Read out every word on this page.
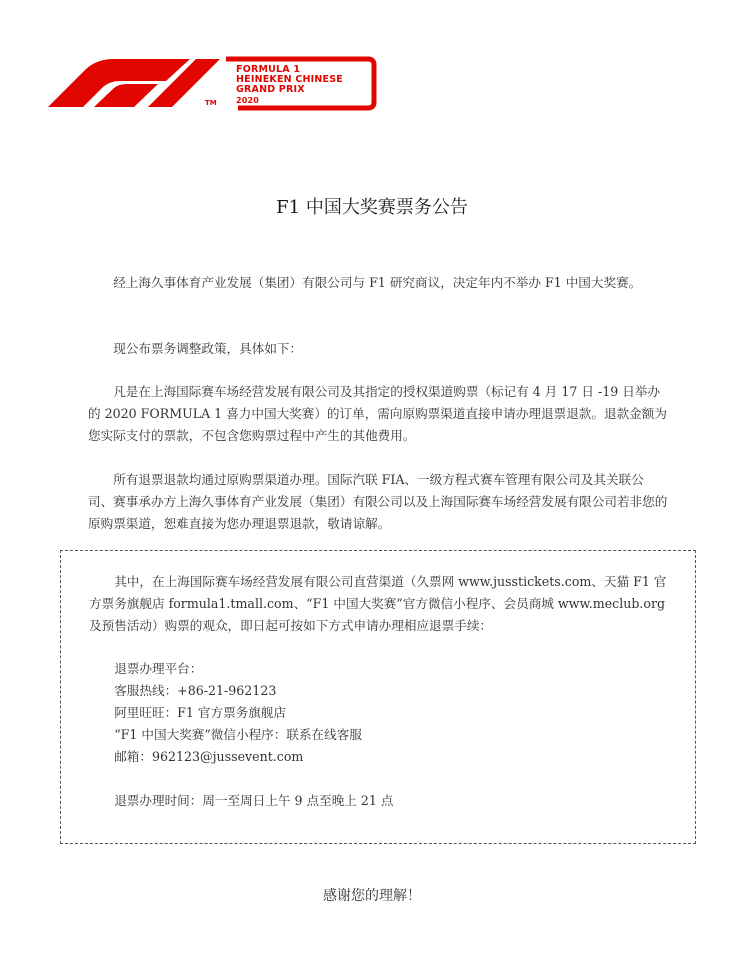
FORMULA 1
HEINEKEN CHINESE
GRAND PRIX
2020
TM
F1 中国大奖赛票务公告

经上海久事体育产业发展（集团）有限公司与 F1 研究商议，决定年内不举办 F1 中国大奖赛。

现公布票务调整政策，具体如下：

凡是在上海国际赛车场经营发展有限公司及其指定的授权渠道购票（标记有 4 月 17 日 -19 日举办的 2020 FORMULA 1 喜力中国大奖赛）的订单，需向原购票渠道直接申请办理退票退款。退款金额为您实际支付的票款，不包含您购票过程中产生的其他费用。

所有退票退款均通过原购票渠道办理。国际汽联 FIA、一级方程式赛车管理有限公司及其关联公司、赛事承办方上海久事体育产业发展（集团）有限公司以及上海国际赛车场经营发展有限公司若非您的原购票渠道，恕难直接为您办理退票退款，敬请谅解。

其中，在上海国际赛车场经营发展有限公司直营渠道（久票网 www.jusstickets.com、天猫 F1 官方票务旗舰店 formula1.tmall.com、“F1 中国大奖赛”官方微信小程序、会员商城 www.meclub.org 及预售活动）购票的观众，即日起可按如下方式申请办理相应退票手续：

退票办理平台：

客服热线：+86-21-962123

阿里旺旺：F1 官方票务旗舰店

“F1 中国大奖赛”微信小程序：联系在线客服

邮箱：962123@jussevent.com

退票办理时间：周一至周日上午 9 点至晚上 21 点

感谢您的理解！
